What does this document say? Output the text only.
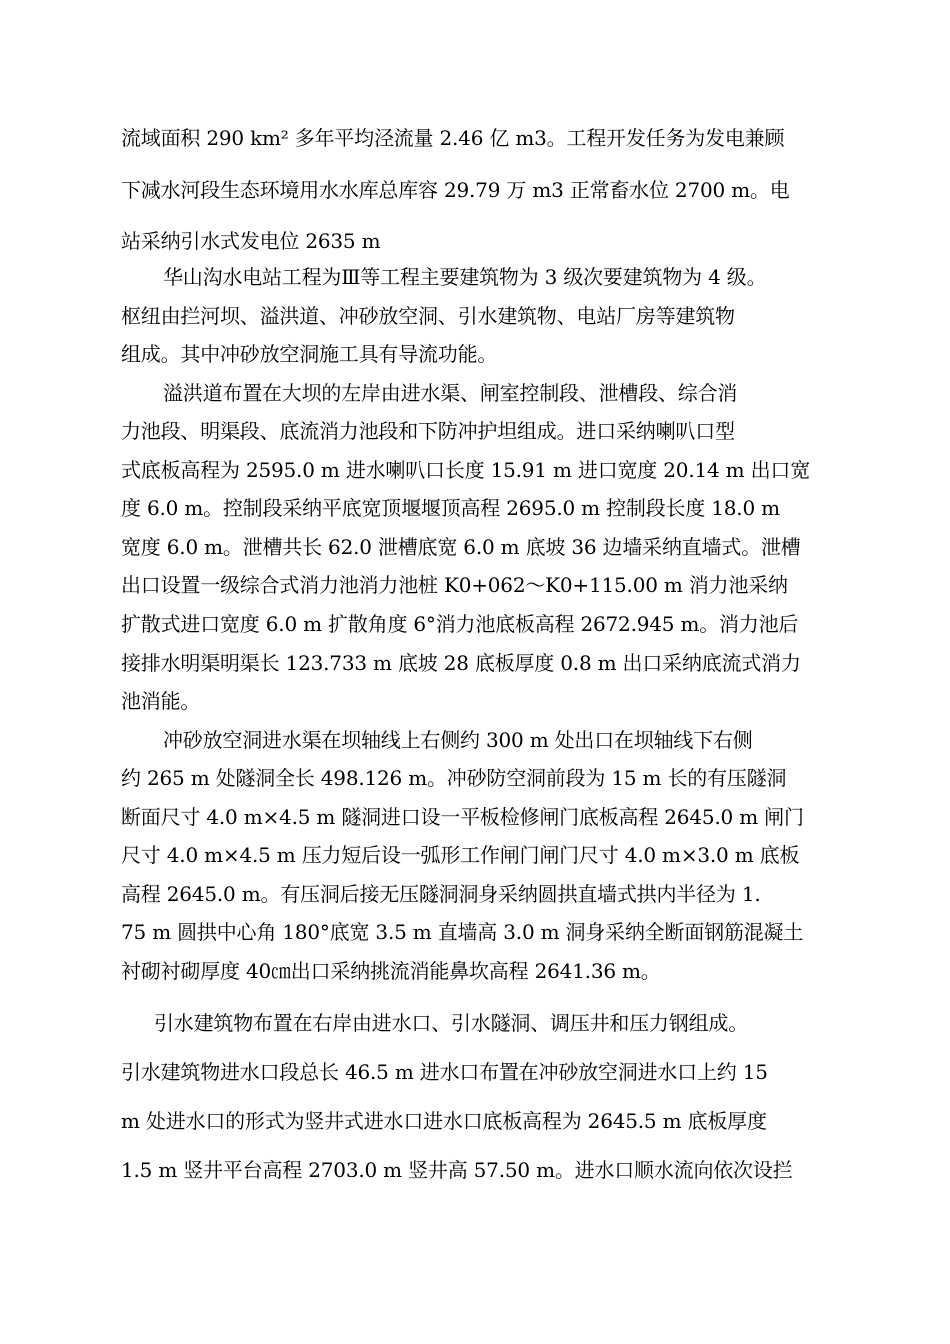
流域面积 290 km² 多年平均泾流量 2.46 亿 m3。工程开发任务为发电兼顾
下减水河段生态环境用水水库总库容 29.79 万 m3 正常畜水位 2700 m。电
站采纳引水式发电位 2635 m
华山沟水电站工程为Ⅲ等工程主要建筑物为 3 级次要建筑物为 4 级。
枢纽由拦河坝、溢洪道、冲砂放空洞、引水建筑物、电站厂房等建筑物
组成。其中冲砂放空洞施工具有导流功能。
溢洪道布置在大坝的左岸由进水渠、闸室控制段、泄槽段、综合消
力池段、明渠段、底流消力池段和下防冲护坦组成。进口采纳喇叭口型
式底板高程为 2595.0 m 进水喇叭口长度 15.91 m 进口宽度 20.14 m 出口宽
度 6.0 m。控制段采纳平底宽顶堰堰顶高程 2695.0 m 控制段长度 18.0 m
宽度 6.0 m。泄槽共长 62.0 泄槽底宽 6.0 m 底坡 36 边墙采纳直墙式。泄槽
出口设置一级综合式消力池消力池桩 K0+062～K0+115.00 m 消力池采纳
扩散式进口宽度 6.0 m 扩散角度 6°消力池底板高程 2672.945 m。消力池后
接排水明渠明渠长 123.733 m 底坡 28 底板厚度 0.8 m 出口采纳底流式消力
池消能。
冲砂放空洞进水渠在坝轴线上右侧约 300 m 处出口在坝轴线下右侧
约 265 m 处隧洞全长 498.126 m。冲砂防空洞前段为 15 m 长的有压隧洞
断面尺寸 4.0 m×4.5 m 隧洞进口设一平板检修闸门底板高程 2645.0 m 闸门
尺寸 4.0 m×4.5 m 压力短后设一弧形工作闸门闸门尺寸 4.0 m×3.0 m 底板
高程 2645.0 m。有压洞后接无压隧洞洞身采纳圆拱直墙式拱内半径为 1.
75 m 圆拱中心角 180°底宽 3.5 m 直墙高 3.0 m 洞身采纳全断面钢筋混凝土
衬砌衬砌厚度 40㎝出口采纳挑流消能鼻坎高程 2641.36 m。
引水建筑物布置在右岸由进水口、引水隧洞、调压井和压力钢组成。
引水建筑物进水口段总长 46.5 m 进水口布置在冲砂放空洞进水口上约 15
m 处进水口的形式为竖井式进水口进水口底板高程为 2645.5 m 底板厚度
1.5 m 竖井平台高程 2703.0 m 竖井高 57.50 m。进水口顺水流向依次设拦
